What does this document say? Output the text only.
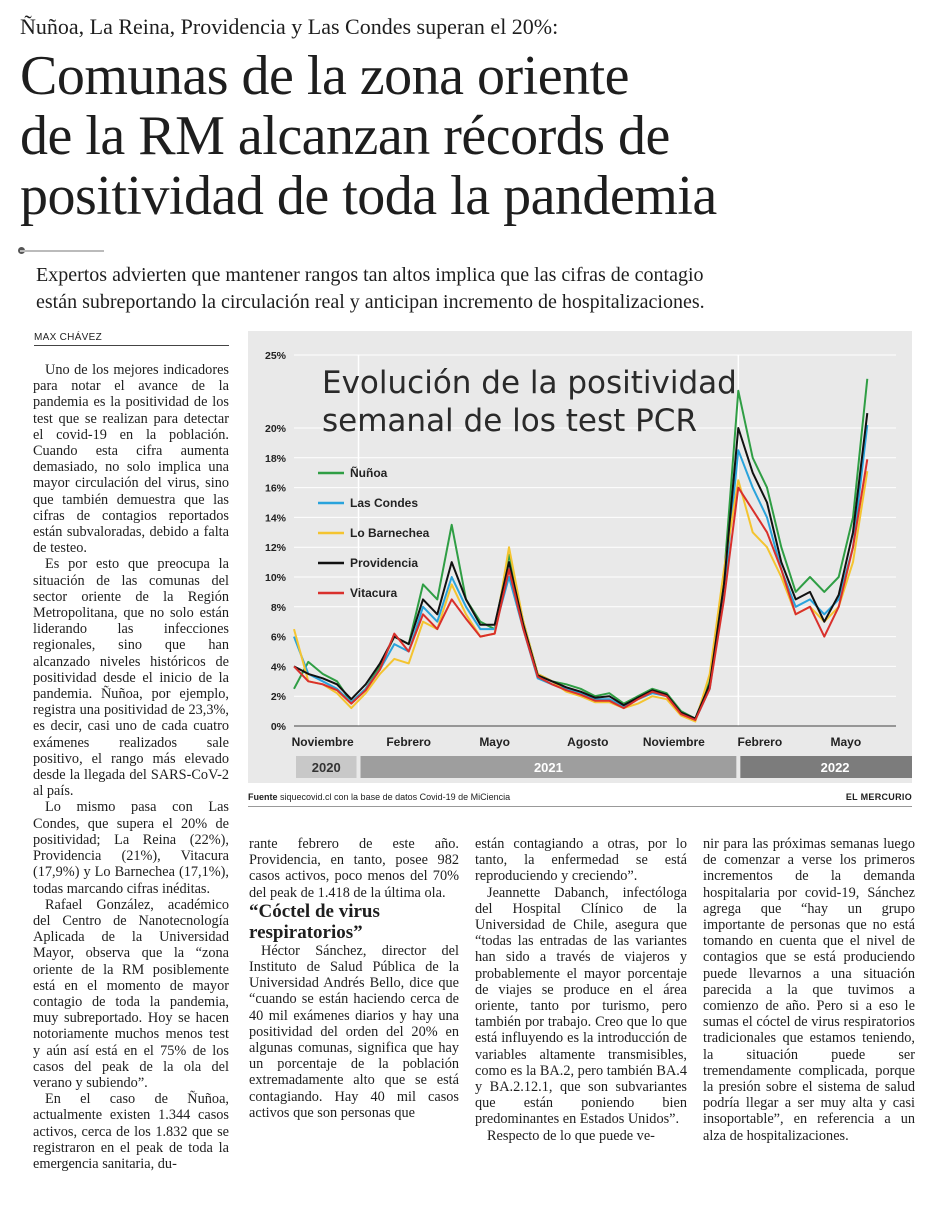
Ñuñoa, La Reina, Providencia y Las Condes superan el 20%:
Comunas de la zona oriente
de la RM alcanzan récords de
positividad de toda la pandemia
Expertos advierten que mantener rangos tan altos implica que las cifras de contagio
están subreportando la circulación real y anticipan incremento de hospitalizaciones.
MAX CHÁVEZ

Uno de los mejores indicadores para notar el avance de la pandemia es la positividad de los test que se realizan para detectar el covid-19 en la población. Cuando esta cifra aumenta demasiado, no solo implica una mayor circulación del virus, sino que también demuestra que las cifras de contagios reportados están subvaloradas, debido a falta de testeo.

Es por esto que preocupa la situación de las comunas del sector oriente de la Región Metropolitana, que no solo están liderando las infecciones regionales, sino que han alcanzado niveles históricos de positividad desde el inicio de la pandemia. Ñuñoa, por ejemplo, registra una positividad de 23,3%, es decir, casi uno de cada cuatro exámenes realizados sale positivo, el rango más elevado desde la llegada del SARS-CoV-2 al país.

Lo mismo pasa con Las Condes, que supera el 20% de positividad; La Reina (22%), Providencia (21%), Vitacura (17,9%) y Lo Barnechea (17,1%), todas marcando cifras inéditas.

Rafael González, académico del Centro de Nanotecnología Aplicada de la Universidad Mayor, observa que la “zona oriente de la RM posiblemente está en el momento de mayor contagio de toda la pandemia, muy subreportado. Hoy se hacen notoriamente muchos menos test y aún así está en el 75% de los casos del peak de la ola del verano y subiendo”.

En el caso de Ñuñoa, actualmente existen 1.344 casos activos, cerca de los 1.832 que se registraron en el peak de toda la emergencia sanitaria, du-

0%
2%
4%
6%
8%
10%
12%
14%
16%
18%
20%
25%
Noviembre	Febrero	Mayo	Agosto	Noviembre	Febrero	Mayo
2020	2021	2022
Evolución de la positividad
semanal de los test PCR
Ñuñoa
Las Condes
Lo Barnechea
Providencia
Vitacura
Fuente siquecovid.cl con la base de datos Covid-19 de MiCiencia	EL MERCURIO

rante febrero de este año. Providencia, en tanto, posee 982 casos activos, poco menos del 70% del peak de 1.418 de la última ola.

“Cóctel de virus respiratorios”

Héctor Sánchez, director del Instituto de Salud Pública de la Universidad Andrés Bello, dice que “cuando se están haciendo cerca de 40 mil exámenes diarios y hay una positividad del orden del 20% en algunas comunas, significa que hay un porcentaje de la población extremadamente alto que se está contagiando. Hay 40 mil casos activos que son personas que

están contagiando a otras, por lo tanto, la enfermedad se está reproduciendo y creciendo”.

Jeannette Dabanch, infectóloga del Hospital Clínico de la Universidad de Chile, asegura que “todas las entradas de las variantes han sido a través de viajeros y probablemente el mayor porcentaje de viajes se produce en el área oriente, tanto por turismo, pero también por trabajo. Creo que lo que está influyendo es la introducción de variables altamente transmisibles, como es la BA.2, pero también BA.4 y BA.2.12.1, que son subvariantes que están poniendo bien predominantes en Estados Unidos”.

Respecto de lo que puede ve-

nir para las próximas semanas luego de comenzar a verse los primeros incrementos de la demanda hospitalaria por covid-19, Sánchez agrega que “hay un grupo importante de personas que no está tomando en cuenta que el nivel de contagios que se está produciendo puede llevarnos a una situación parecida a la que tuvimos a comienzo de año. Pero si a eso le sumas el cóctel de virus respiratorios tradicionales que estamos teniendo, la situación puede ser tremendamente complicada, porque la presión sobre el sistema de salud podría llegar a ser muy alta y casi insoportable”, en referencia a un alza de hospitalizaciones.
